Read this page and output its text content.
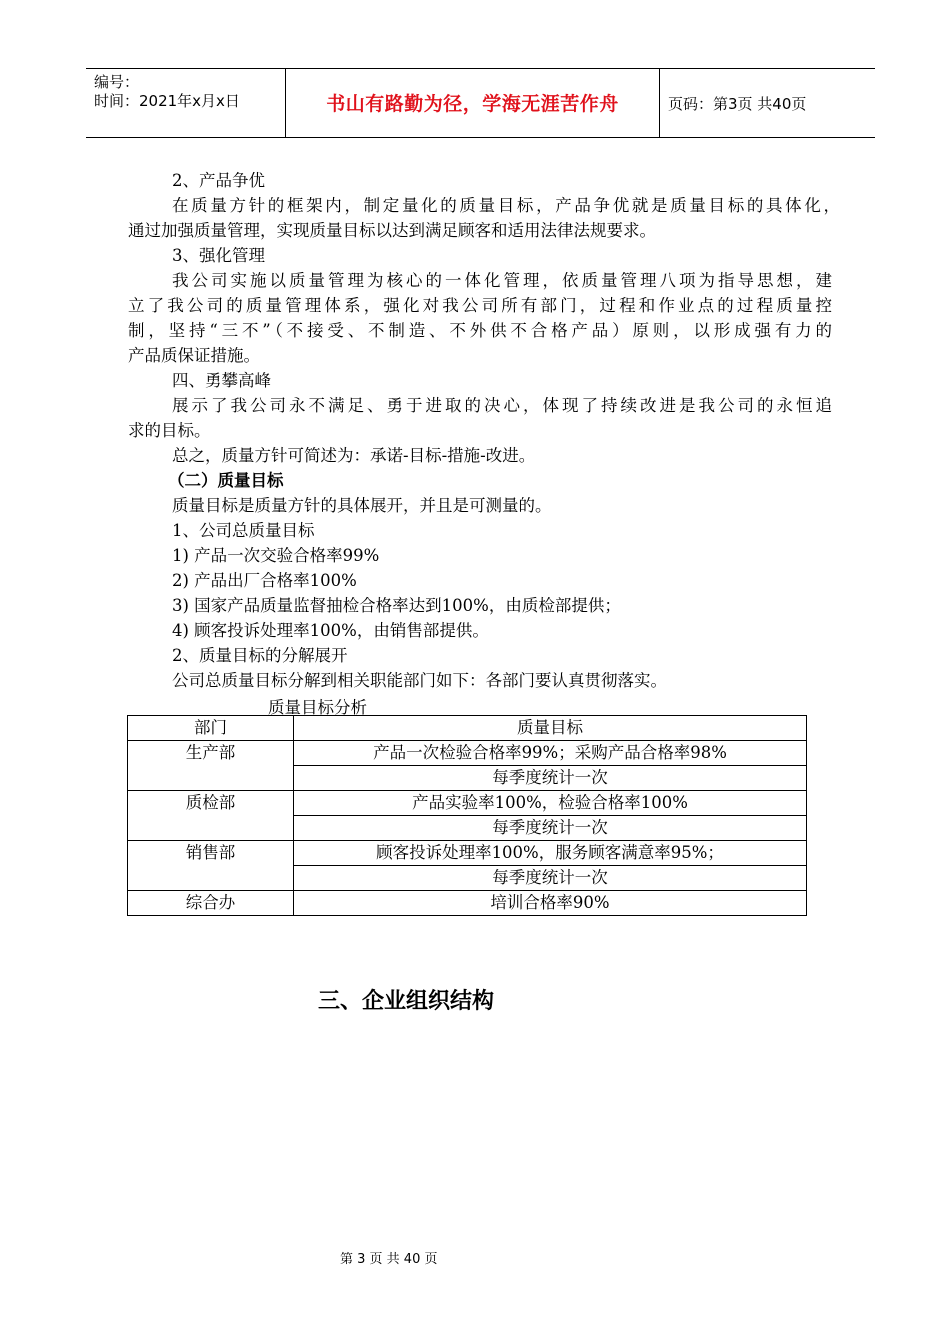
编号：
时间：2021年x月x日	书山有路勤为径，学海无涯苦作舟	页码：第3页 共40页
2、产品争优
在质量方针的框架内，制定量化的质量目标，产品争优就是质量目标的具体化，
通过加强质量管理，实现质量目标以达到满足顾客和适用法律法规要求。
3、强化管理
我公司实施以质量管理为核心的一体化管理，依质量管理八项为指导思想，建
立了我公司的质量管理体系，强化对我公司所有部门，过程和作业点的过程质量控
制，坚持“三不”（不接受、不制造、不外供不合格产品）原则，以形成强有力的
产品质保证措施。
四、勇攀高峰
展示了我公司永不满足、勇于进取的决心，体现了持续改进是我公司的永恒追
求的目标。
总之，质量方针可简述为：承诺-目标-措施-改进。
（二）质量目标
质量目标是质量方针的具体展开，并且是可测量的。
1、公司总质量目标
1) 产品一次交验合格率99%
2) 产品出厂合格率100%
3) 国家产品质量监督抽检合格率达到100%，由质检部提供；
4) 顾客投诉处理率100%，由销售部提供。
2、质量目标的分解展开
公司总质量目标分解到相关职能部门如下：各部门要认真贯彻落实。
质量目标分析
部门	质量目标
生产部	产品一次检验合格率99%；采购产品合格率98%
	每季度统计一次
质检部	产品实验率100%，检验合格率100%
	每季度统计一次
销售部	顾客投诉处理率100%，服务顾客满意率95%；
	每季度统计一次
综合办	培训合格率90%
三、企业组织结构
第 3 页 共 40 页
